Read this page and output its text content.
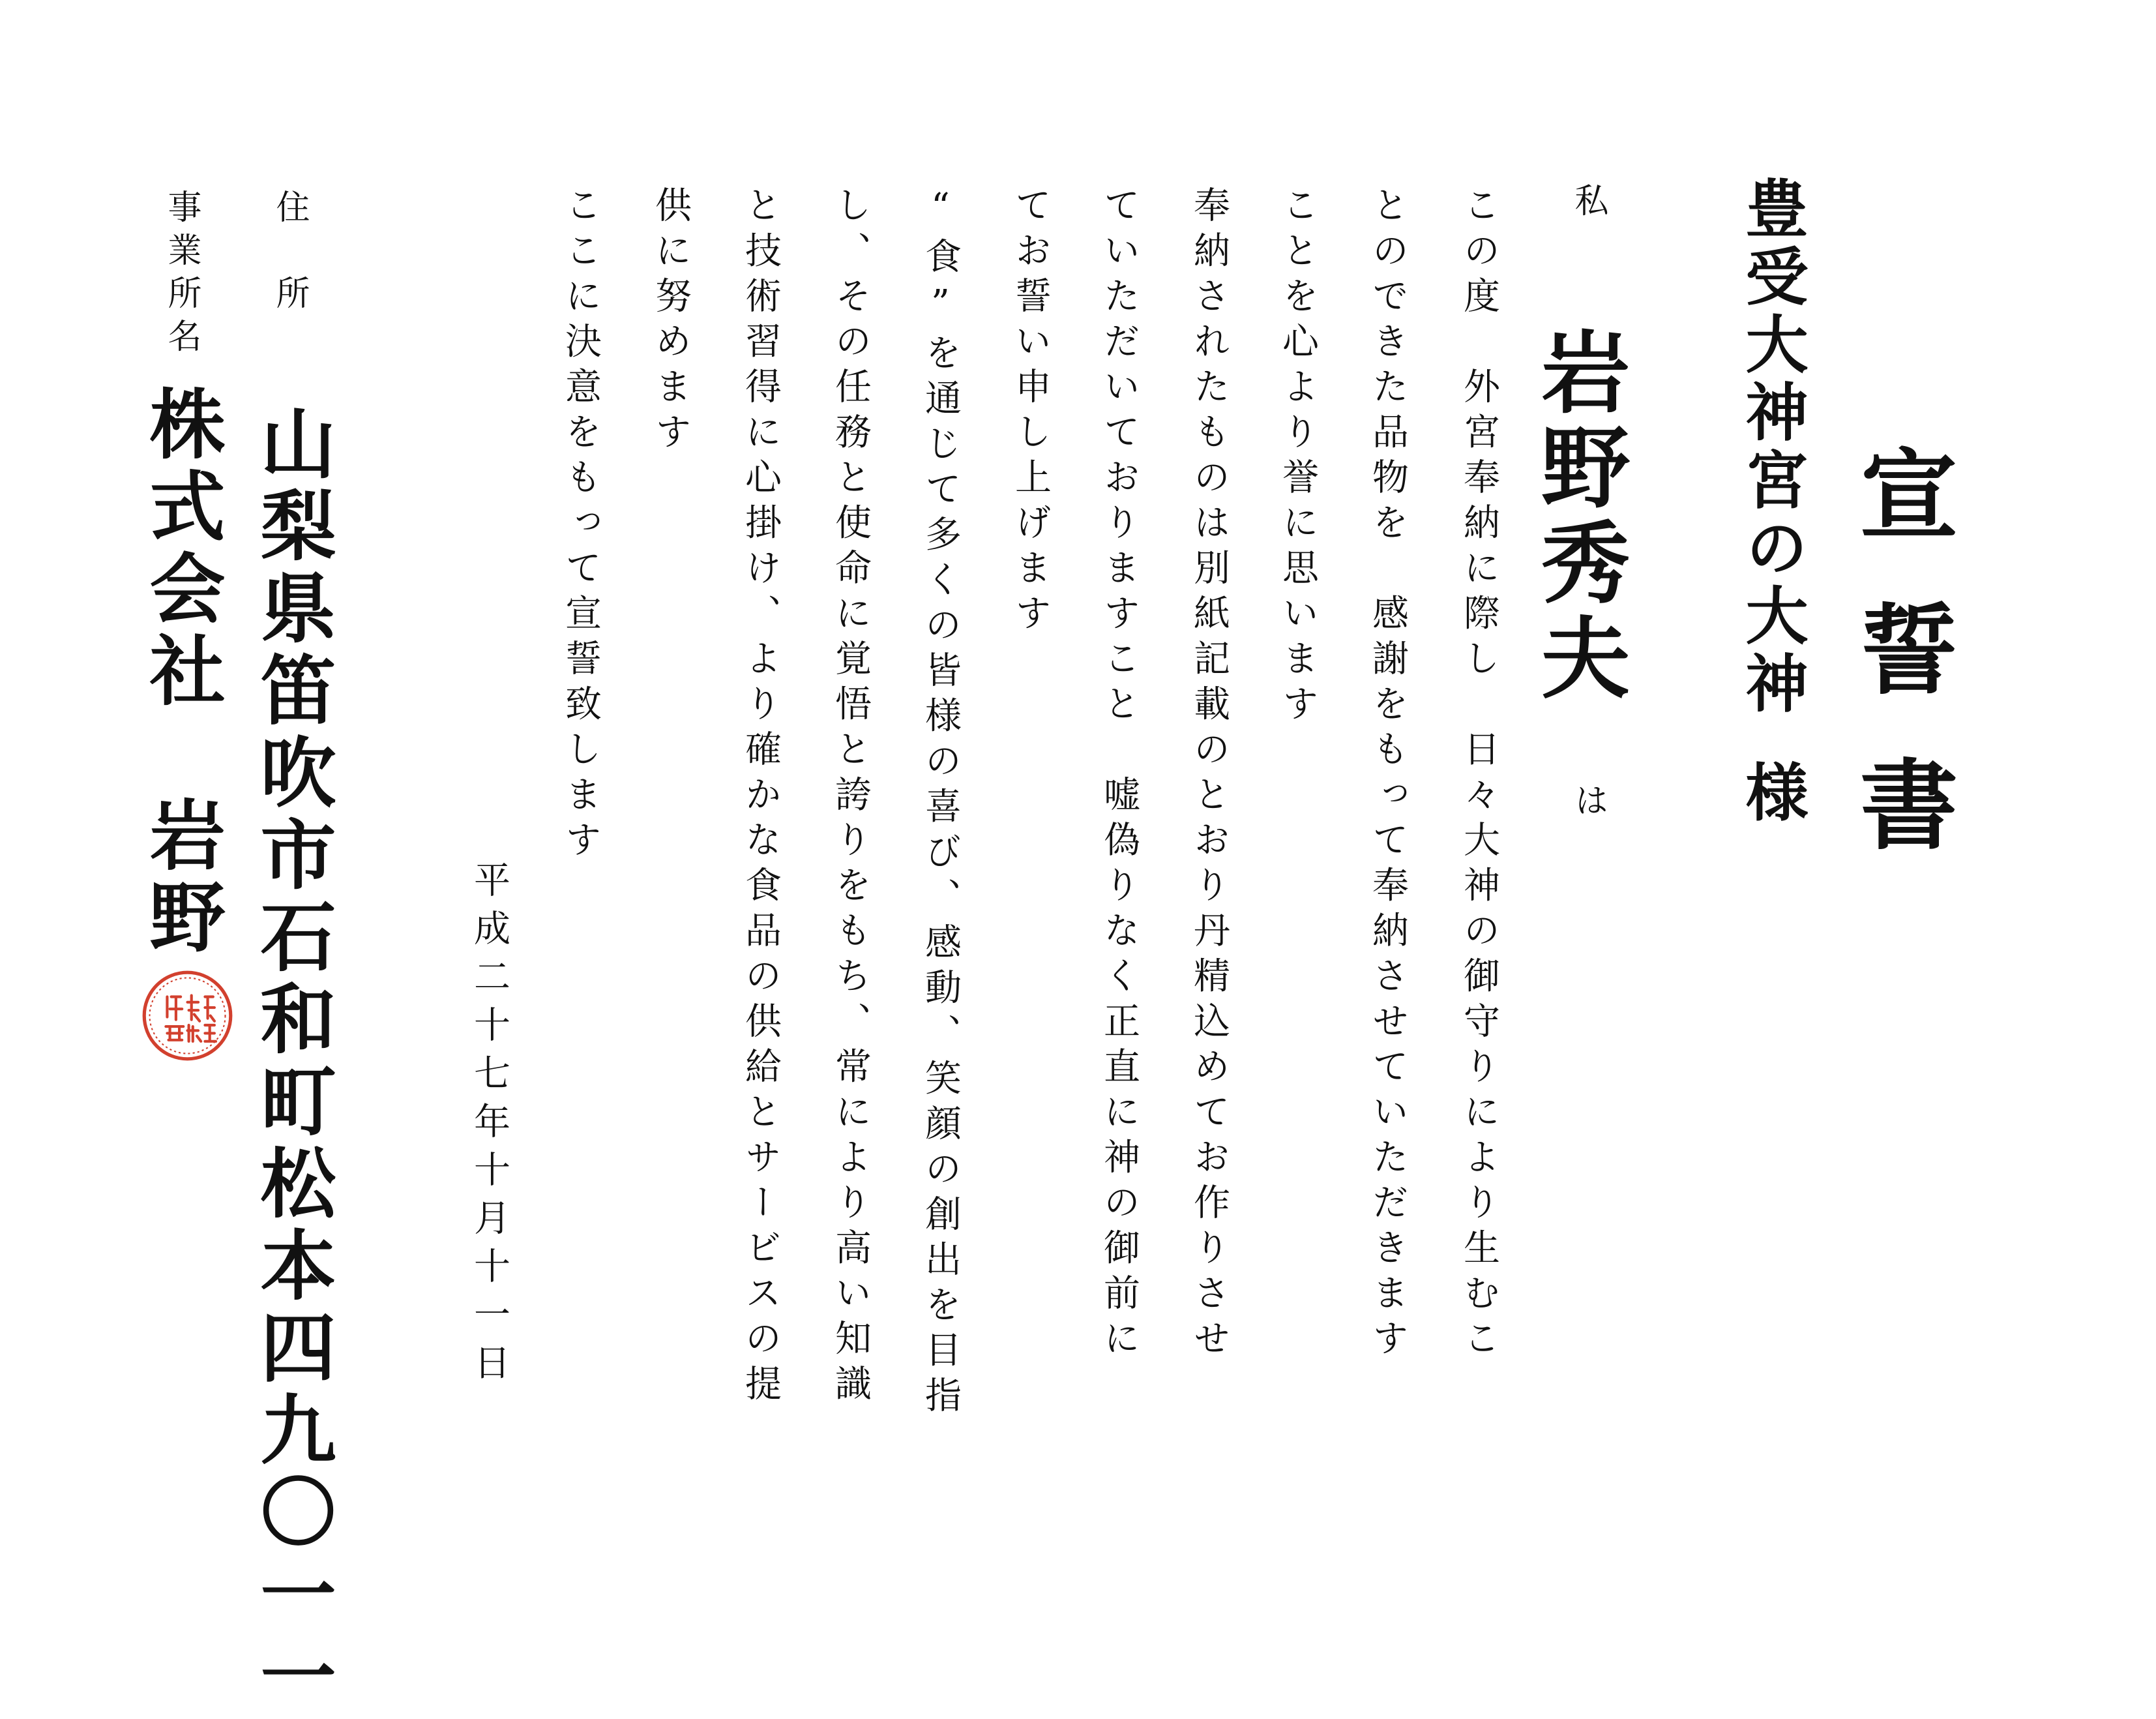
宣誓書
豊受大神宮の大神
様
私
岩野秀夫
は
この度　外宮奉納に際し　日々大神の御守りにより生むこ
とのできた品物を　感謝をもって奉納させていただきます
ことを心より誉に思います
奉納されたものは別紙記載のとおり丹精込めてお作りさせ
ていただいておりますこと　嘘偽りなく正直に神の御前に
てお誓い申し上げます
“食”を通じて多くの皆様の喜び、感動、笑顔の創出を目指
し、その任務と使命に覚悟と誇りをもち、常により高い知識
と技術習得に心掛け、より確かな食品の供給とサービスの提
供に努めます
ここに決意をもって宣誓致します
平成二十七年十月十一日
住　所
山梨県笛吹市石和町松本四九〇一一
事業所名
株式会社　岩野
